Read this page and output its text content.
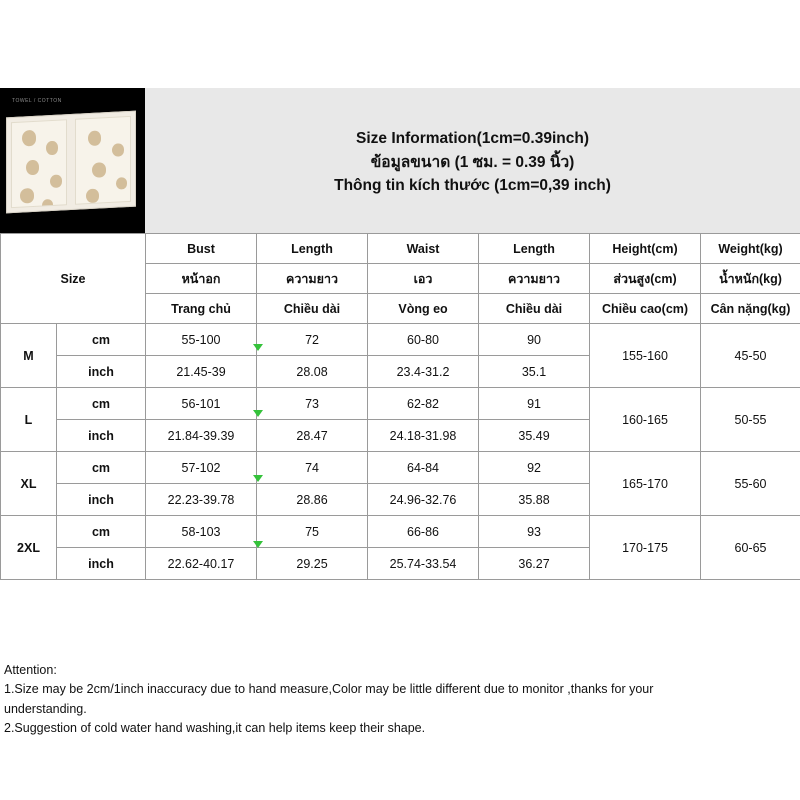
TOWEL / COTTON
Size Information(1cm=0.39inch)
ข้อมูลขนาด (1 ซม. = 0.39 นิ้ว)
Thông tin kích thước (1cm=0,39 inch)
Size		Bust	Length	Waist	Length	Height(cm)	Weight(kg)
		หน้าอก	ความยาว	เอว	ความยาว	ส่วนสูง(cm)	น้ำหนัก(kg)
		Trang chủ	Chiều dài	Vòng eo	Chiều dài	Chiều cao(cm)	Cân nặng(kg)
M	cm	55-100	72	60-80	90	155-160	45-50
	inch	21.45-39	28.08	23.4-31.2	35.1		
L	cm	56-101	73	62-82	91	160-165	50-55
	inch	21.84-39.39	28.47	24.18-31.98	35.49		
XL	cm	57-102	74	64-84	92	165-170	55-60
	inch	22.23-39.78	28.86	24.96-32.76	35.88		
2XL	cm	58-103	75	66-86	93	170-175	60-65
	inch	22.62-40.17	29.25	25.74-33.54	36.27		
Attention:
1.Size may be 2cm/1inch inaccuracy due to hand measure,Color may be little different due to monitor ,thanks for your
understanding.
2.Suggestion of cold water hand washing,it can help items keep their shape.
